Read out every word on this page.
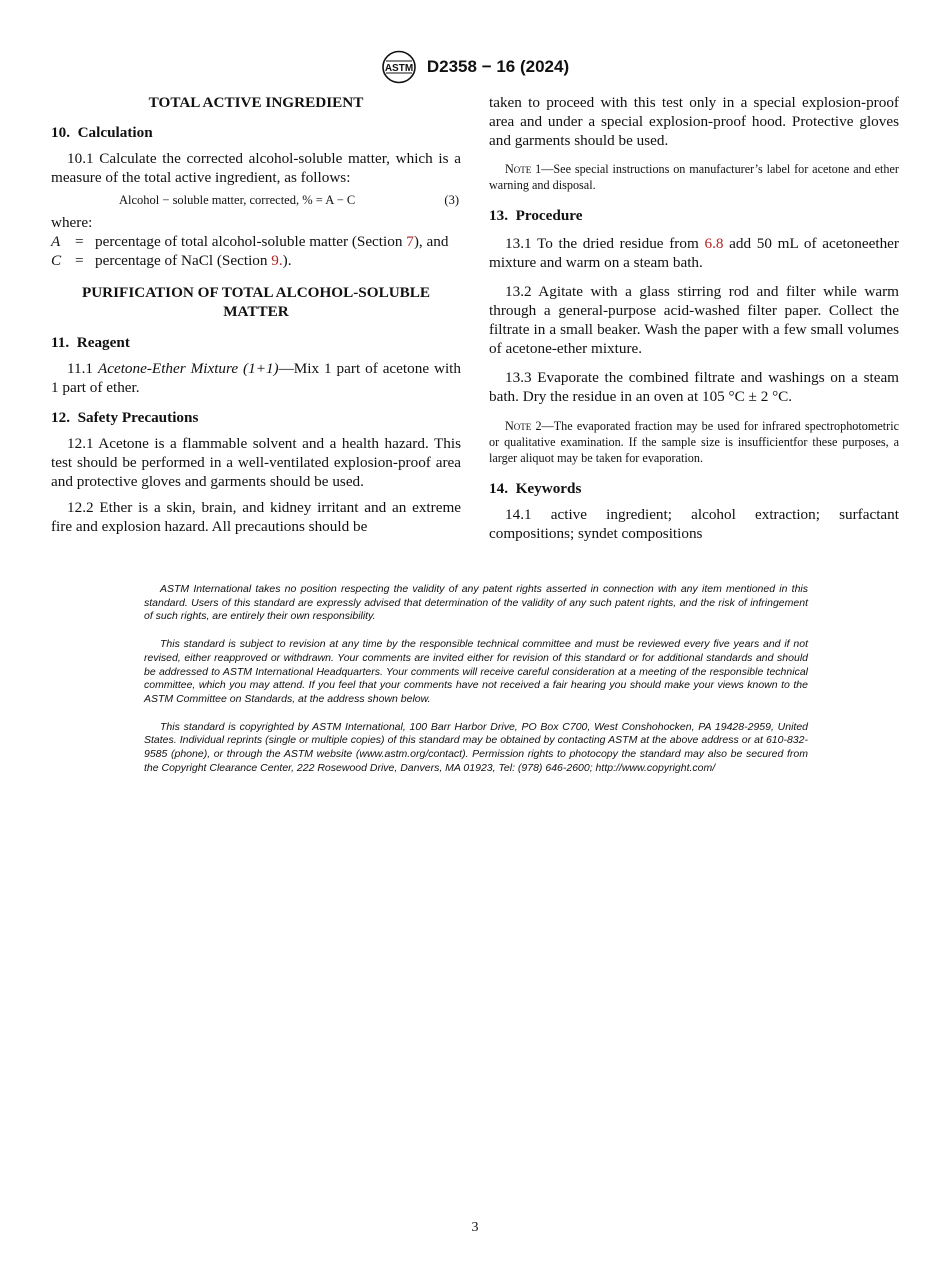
ASTM D2358 − 16 (2024)
TOTAL ACTIVE INGREDIENT
10. Calculation

10.1 Calculate the corrected alcohol-soluble matter, which is a measure of the total active ingredient, as follows:

Alcohol − soluble matter, corrected, % = A − C	(3)
where:
A = percentage of total alcohol-soluble matter (Section 7), and
C = percentage of NaCl (Section 9.).
PURIFICATION OF TOTAL ALCOHOL-SOLUBLE MATTER
11. Reagent

11.1 Acetone-Ether Mixture (1+1)—Mix 1 part of acetone with 1 part of ether.

12. Safety Precautions

12.1 Acetone is a flammable solvent and a health hazard. This test should be performed in a well-ventilated explosion-proof area and protective gloves and garments should be used.

12.2 Ether is a skin, brain, and kidney irritant and an extreme fire and explosion hazard. All precautions should be

taken to proceed with this test only in a special explosion-proof area and under a special explosion-proof hood. Protective gloves and garments should be used.

Note 1—See special instructions on manufacturer’s label for acetone and ether warning and disposal.
13. Procedure

13.1 To the dried residue from 6.8 add 50 mL of acetoneether mixture and warm on a steam bath.

13.2 Agitate with a glass stirring rod and filter while warm through a general-purpose acid-washed filter paper. Collect the filtrate in a small beaker. Wash the paper with a few small volumes of acetone-ether mixture.

13.3 Evaporate the combined filtrate and washings on a steam bath. Dry the residue in an oven at 105 °C ± 2 °C.

Note 2—The evaporated fraction may be used for infrared spectrophotometric or qualitative examination. If the sample size is insufficientfor these purposes, a larger aliquot may be taken for evaporation.
14. Keywords

14.1 active ingredient; alcohol extraction; surfactant compositions; syndet compositions

ASTM International takes no position respecting the validity of any patent rights asserted in connection with any item mentioned in this standard. Users of this standard are expressly advised that determination of the validity of any such patent rights, and the risk of infringement of such rights, are entirely their own responsibility.

This standard is subject to revision at any time by the responsible technical committee and must be reviewed every five years and if not revised, either reapproved or withdrawn. Your comments are invited either for revision of this standard or for additional standards and should be addressed to ASTM International Headquarters. Your comments will receive careful consideration at a meeting of the responsible technical committee, which you may attend. If you feel that your comments have not received a fair hearing you should make your views known to the ASTM Committee on Standards, at the address shown below.

This standard is copyrighted by ASTM International, 100 Barr Harbor Drive, PO Box C700, West Conshohocken, PA 19428-2959, United States. Individual reprints (single or multiple copies) of this standard may be obtained by contacting ASTM at the above address or at 610-832-9585 (phone), or through the ASTM website (www.astm.org/contact). Permission rights to photocopy the standard may also be secured from the Copyright Clearance Center, 222 Rosewood Drive, Danvers, MA 01923, Tel: (978) 646-2600; http://www.copyright.com/

3
